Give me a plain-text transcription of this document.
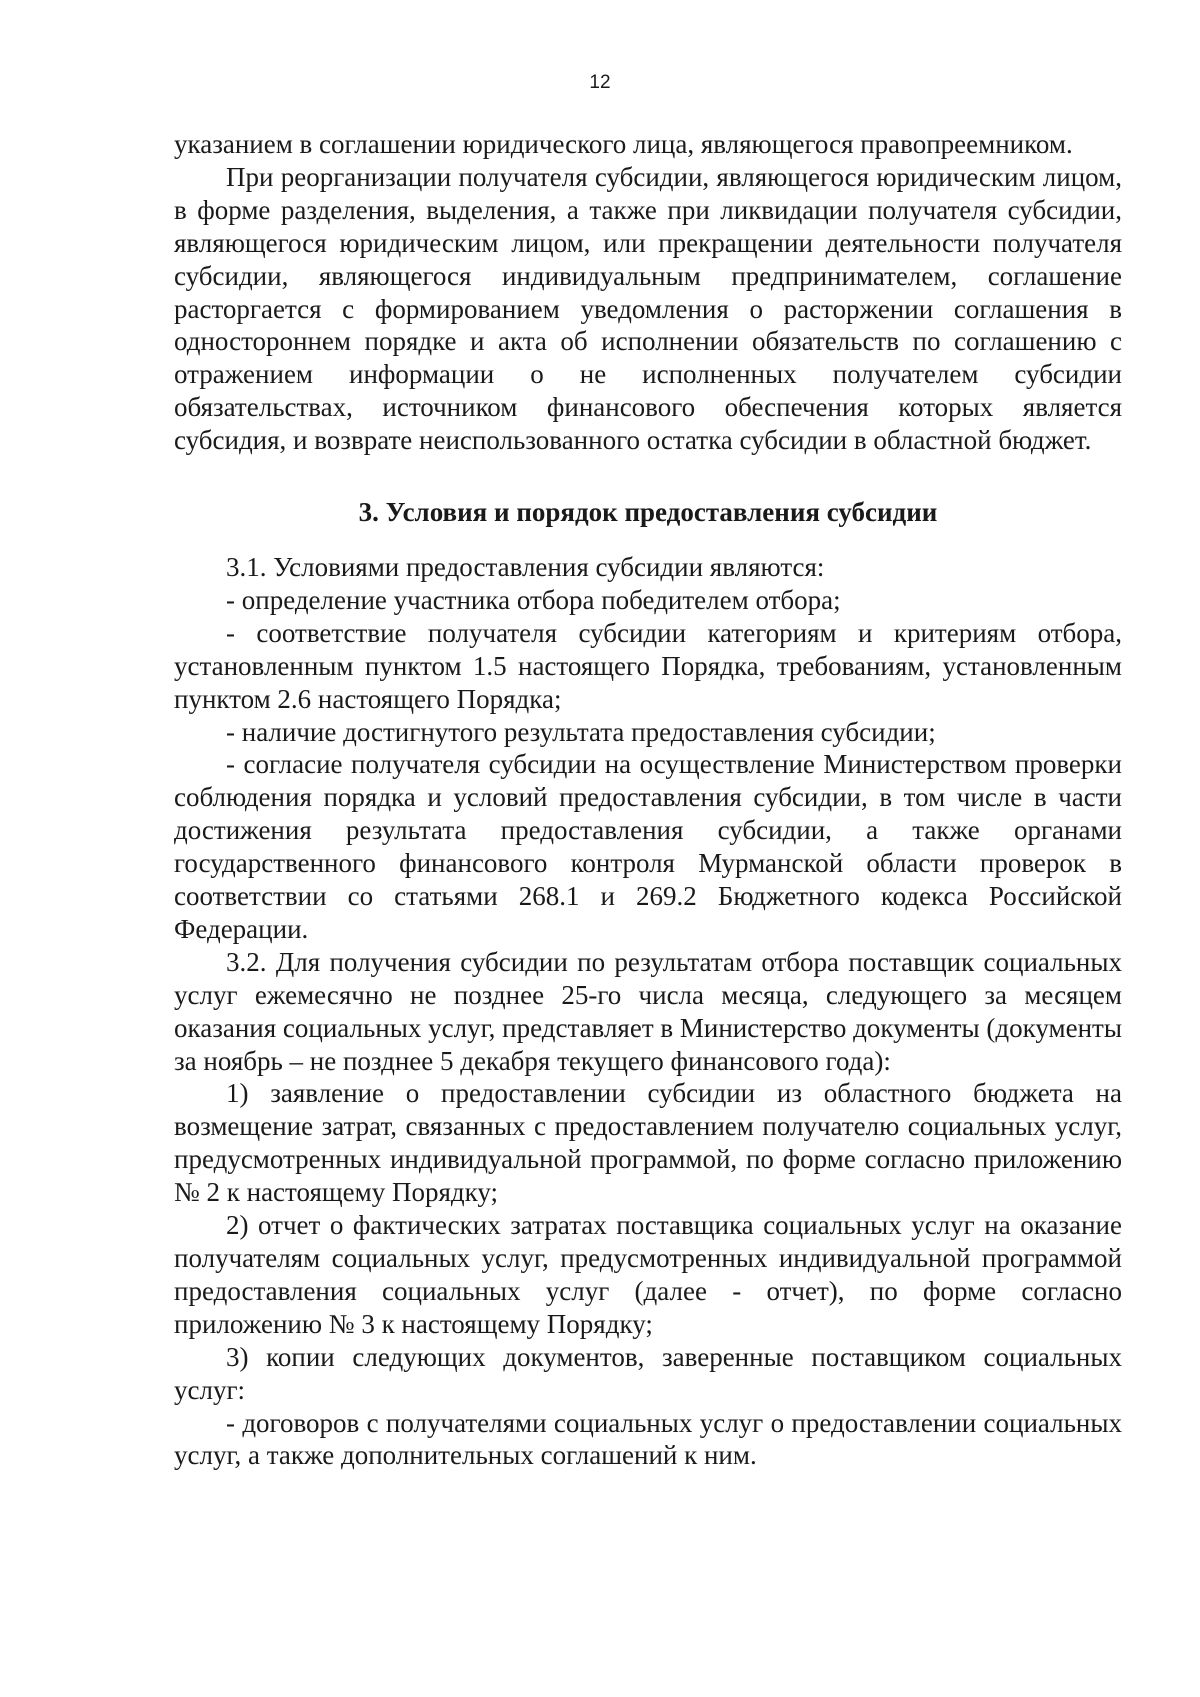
12

указанием в соглашении юридического лица, являющегося правопреемником.

При реорганизации получателя субсидии, являющегося юридическим лицом, в форме разделения, выделения, а также при ликвидации получателя субсидии, являющегося юридическим лицом, или прекращении деятельности получателя субсидии, являющегося индивидуальным предпринимателем, соглашение расторгается с формированием уведомления о расторжении соглашения в одностороннем порядке и акта об исполнении обязательств по соглашению с отражением информации о не исполненных получателем субсидии обязательствах, источником финансового обеспечения которых является субсидия, и возврате неиспользованного остатка субсидии в областной бюджет.

3. Условия и порядок предоставления субсидии

3.1. Условиями предоставления субсидии являются:

- определение участника отбора победителем отбора;

- соответствие получателя субсидии категориям и критериям отбора, установленным пунктом 1.5 настоящего Порядка, требованиям, установленным пунктом 2.6 настоящего Порядка;

- наличие достигнутого результата предоставления субсидии;

- согласие получателя субсидии на осуществление Министерством проверки соблюдения порядка и условий предоставления субсидии, в том числе в части достижения результата предоставления субсидии, а также органами государственного финансового контроля Мурманской области проверок в соответствии со статьями 268.1 и 269.2 Бюджетного кодекса Российской Федерации.

3.2. Для получения субсидии по результатам отбора поставщик социальных услуг ежемесячно не позднее 25-го числа месяца, следующего за месяцем оказания социальных услуг, представляет в Министерство документы (документы за ноябрь – не позднее 5 декабря текущего финансового года):

1) заявление о предоставлении субсидии из областного бюджета на возмещение затрат, связанных с предоставлением получателю социальных услуг, предусмотренных индивидуальной программой, по форме согласно приложению № 2 к настоящему Порядку;

2) отчет о фактических затратах поставщика социальных услуг на оказание получателям социальных услуг, предусмотренных индивидуальной программой предоставления социальных услуг (далее - отчет), по форме согласно приложению № 3 к настоящему Порядку;

3) копии следующих документов, заверенные поставщиком социальных услуг:

- договоров с получателями социальных услуг о предоставлении социальных услуг, а также дополнительных соглашений к ним.
